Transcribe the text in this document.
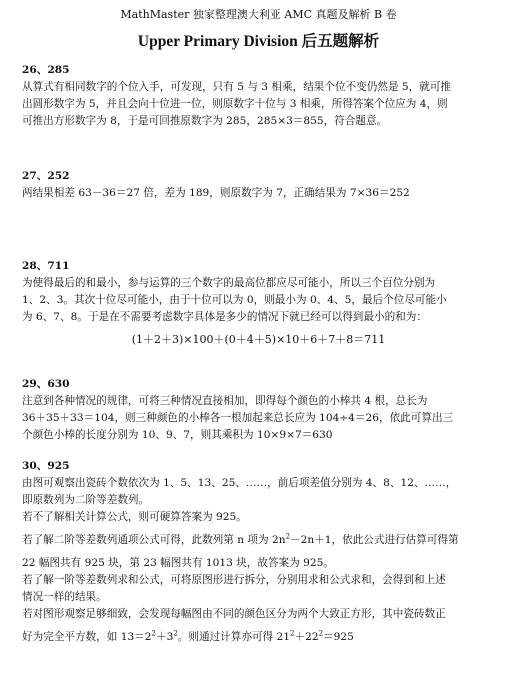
MathMaster 独家整理澳大利亚 AMC 真题及解析 B 卷
Upper Primary Division 后五题解析

26、285

从算式有相同数字的个位入手，可发现，只有 5 与 3 相乘，结果个位不变仍然是 5，就可推

出圆形数字为 5，并且会向十位进一位，则原数字十位与 3 相乘，所得答案个位应为 4，则

可推出方形数字为 8，于是可回推原数字为 285，285×3＝855，符合题意。

27、252

两结果相差 63－36＝27 倍，差为 189，则原数字为 7，正确结果为 7×36＝252

28、711

为使得最后的和最小，参与运算的三个数字的最高位都应尽可能小，所以三个百位分别为

1、2、3。其次十位尽可能小，由于十位可以为 0，则最小为 0、4、5，最后个位尽可能小

为 6、7、8。于是在不需要考虑数字具体是多少的情况下就已经可以得到最小的和为：

(1＋2＋3)×100＋(0＋4＋5)×10＋6＋7＋8＝711

29、630

注意到各种情况的规律，可将三种情况直接相加，即得每个颜色的小棒共 4 根，总长为

36＋35＋33＝104，则三种颜色的小棒各一根加起来总长应为 104÷4＝26，依此可算出三

个颜色小棒的长度分别为 10、9、7，则其乘积为 10×9×7＝630

30、925

由图可观察出瓷砖个数依次为 1、5、13、25、……，前后项差值分别为 4、8、12、……，

即原数列为二阶等差数列。

若不了解相关计算公式，则可硬算答案为 925。

若了解二阶等差数列通项公式可得，此数列第 n 项为 $2n^2-2n+1$，依此公式进行估算可得第

22 幅图共有 925 块，第 23 幅图共有 1013 块，故答案为 925。

若了解一阶等差数列求和公式，可将原图形进行拆分，分别用求和公式求和，会得到和上述

情况一样的结果。

若对图形观察足够细致，会发现每幅图由不同的颜色区分为两个大致正方形，其中瓷砖数正

好为完全平方数，如 $13=2^2+3^2$。则通过计算亦可得 $21^2+22^2=925$
